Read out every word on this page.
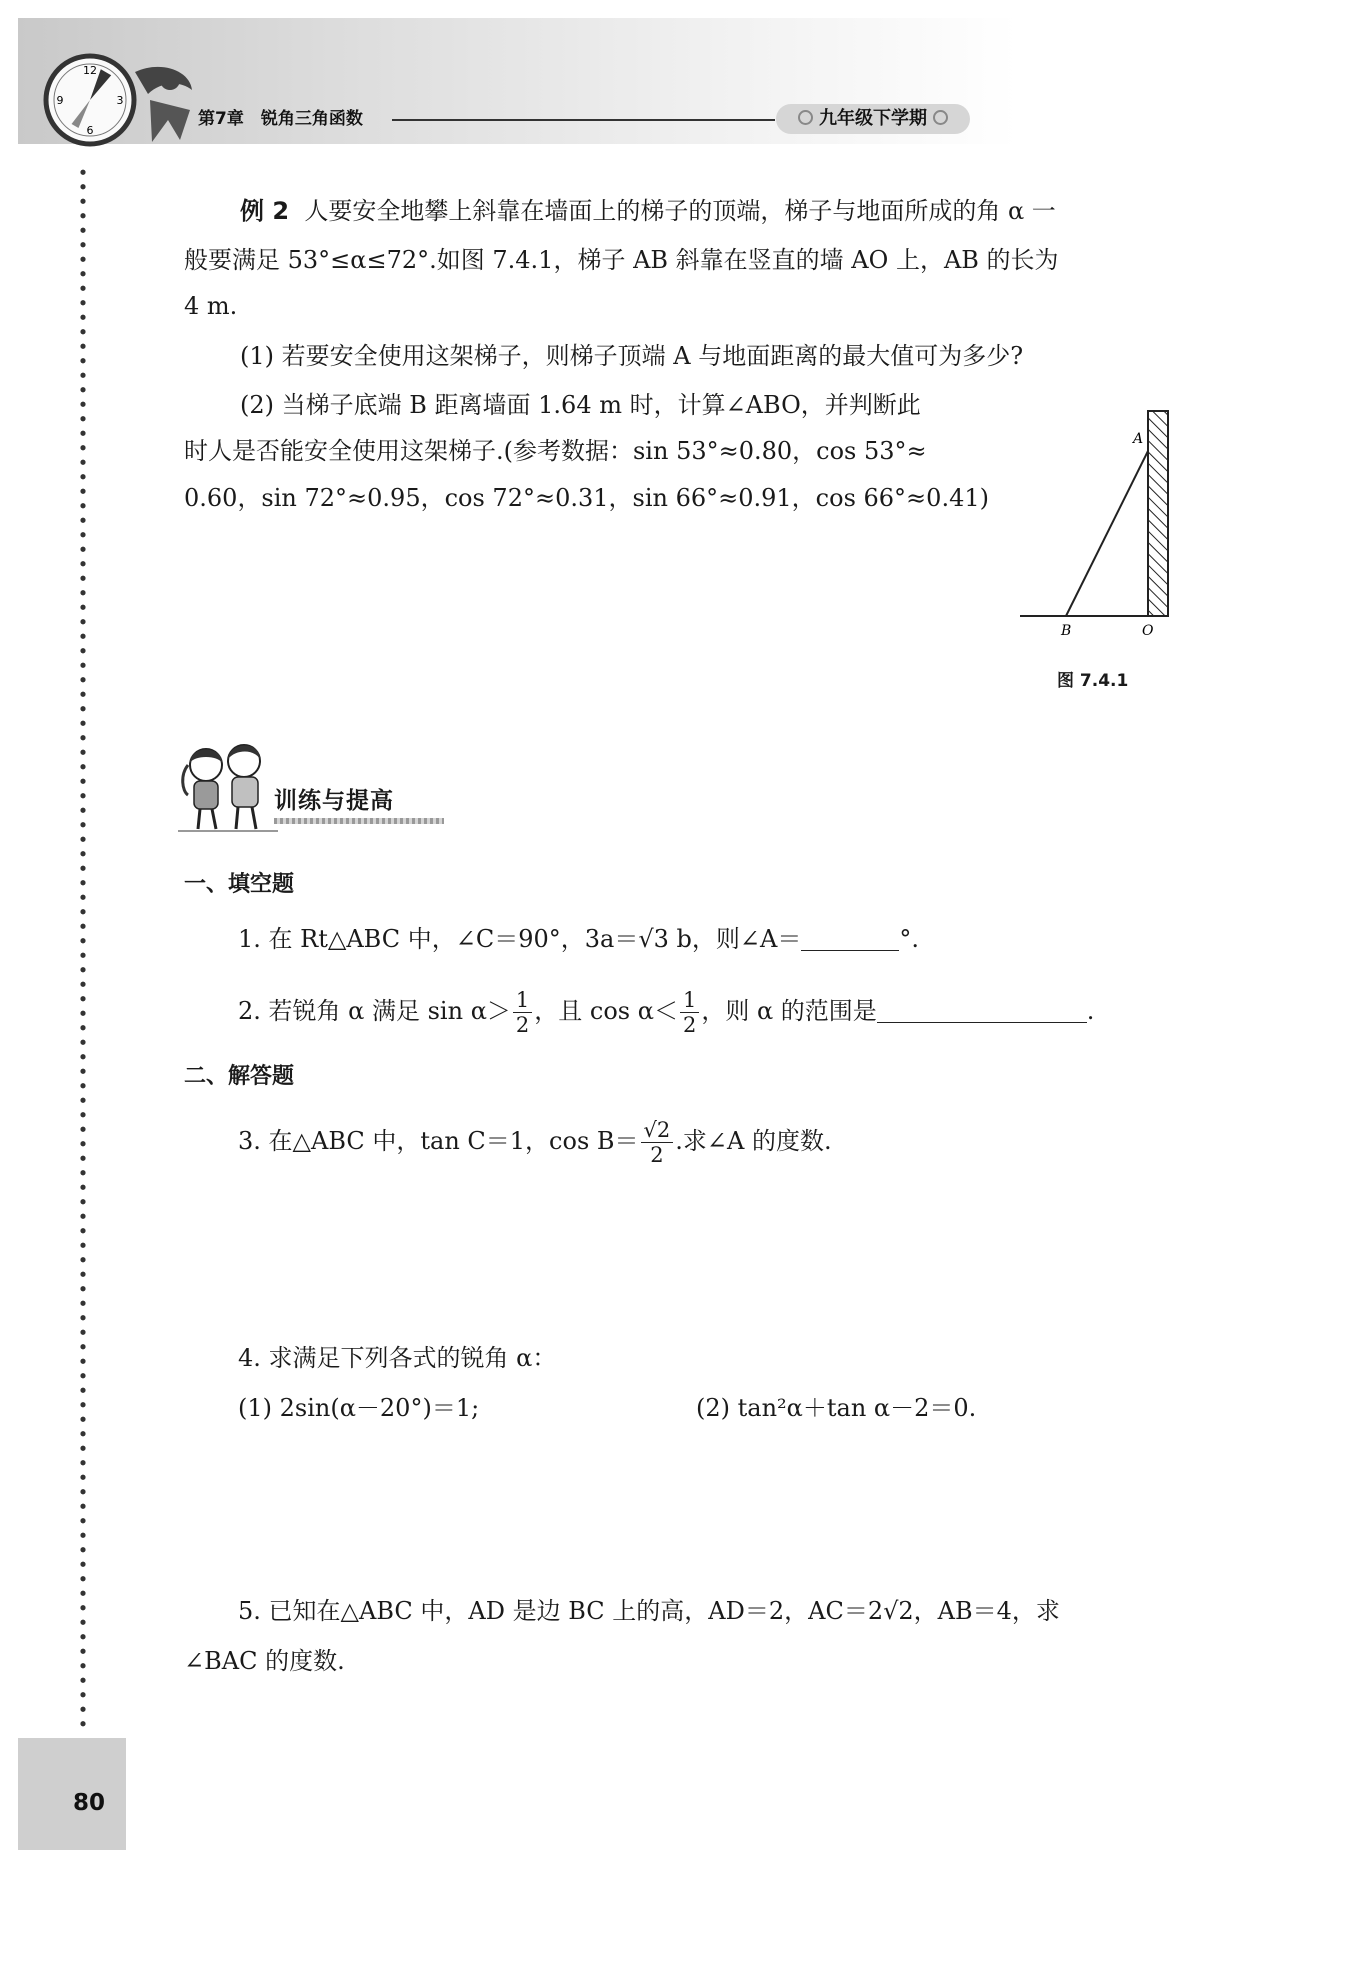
12
3
6
9
第7章　锐角三角函数	九年级下学期
例 2 人要安全地攀上斜靠在墙面上的梯子的顶端，梯子与地面所成的角 α 一
般要满足 53°≤α≤72°.如图 7.4.1，梯子 AB 斜靠在竖直的墙 AO 上，AB 的长为
4 m.
(1) 若要安全使用这架梯子，则梯子顶端 A 与地面距离的最大值可为多少?
(2) 当梯子底端 B 距离墙面 1.64 m 时，计算∠ABO，并判断此
时人是否能安全使用这架梯子.(参考数据：sin 53°≈0.80，cos 53°≈
0.60，sin 72°≈0.95，cos 72°≈0.31，sin 66°≈0.91，cos 66°≈0.41)
A
B	O
图 7.4.1
训练与提高
一、填空题
1. 在 Rt△ABC 中，∠C＝90°，3a＝√3 b，则∠A＝	°.
2. 若锐角 α 满足 $\sin \alpha> \frac{1}{2}$ ，且 $\cos \alpha< \frac{1}{2}$ ，则 α 的范围是	.
二、解答题
3. 在△ABC 中，tan C＝1，$\cos B= \frac{√2}{2}$ .求∠A 的度数.
4. 求满足下列各式的锐角 α：
(1) 2sin(α－20°)＝1;	(2) tan²α＋tan α－2＝0.
5. 已知在△ABC 中，AD 是边 BC 上的高，AD＝2，AC＝2√2，AB＝4，求
∠BAC 的度数.
80
